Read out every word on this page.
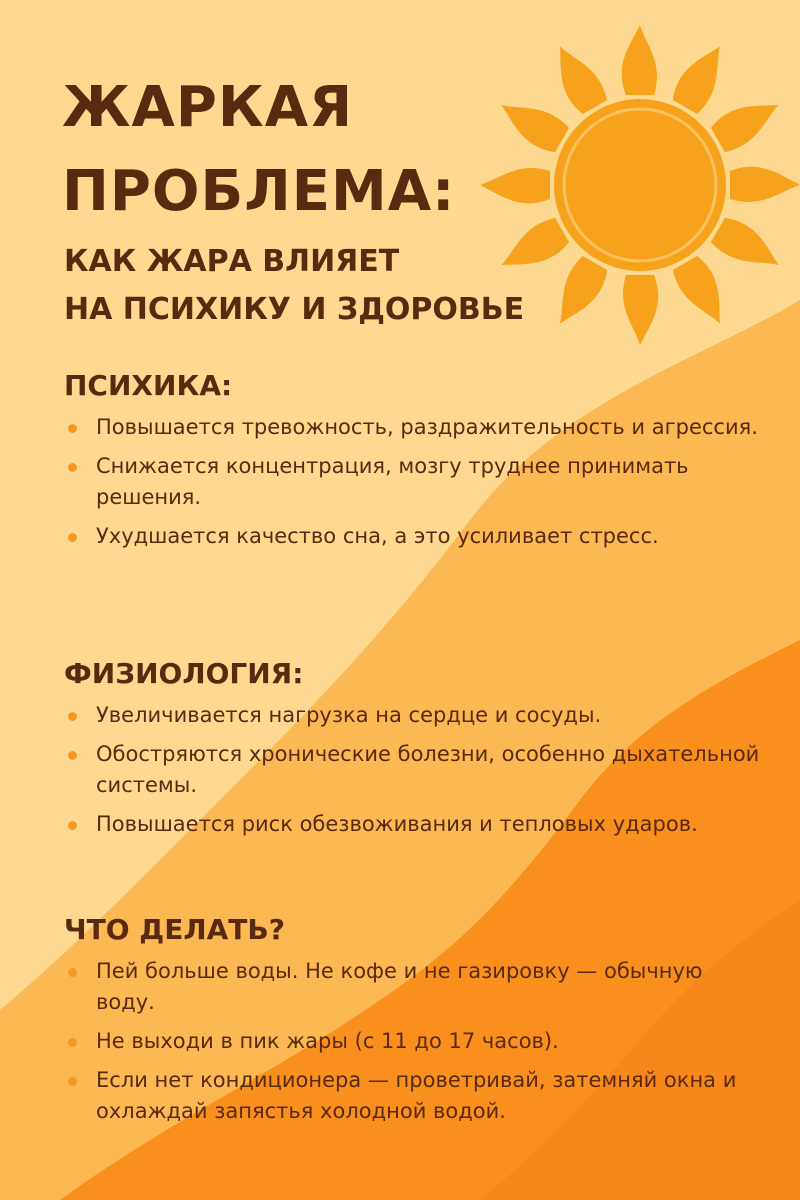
ЖАРКАЯ
ПРОБЛЕМА:
КАК ЖАРА ВЛИЯЕТ
НА ПСИХИКУ И ЗДОРОВЬЕ
ПСИХИКА:
Повышается тревожность, раздражительность и агрессия.
Снижается концентрация, мозгу труднее принимать решения.
Ухудшается качество сна, а это усиливает стресс.
ФИЗИОЛОГИЯ:
Увеличивается нагрузка на сердце и сосуды.
Обостряются хронические болезни, особенно дыхательной системы.
Повышается риск обезвоживания и тепловых ударов.
ЧТО ДЕЛАТЬ?
Пей больше воды. Не кофе и не газировку — обычную воду.
Не выходи в пик жары (с 11 до 17 часов).
Если нет кондиционера — проветривай, затемняй окна и охлаждай запястья холодной водой.
